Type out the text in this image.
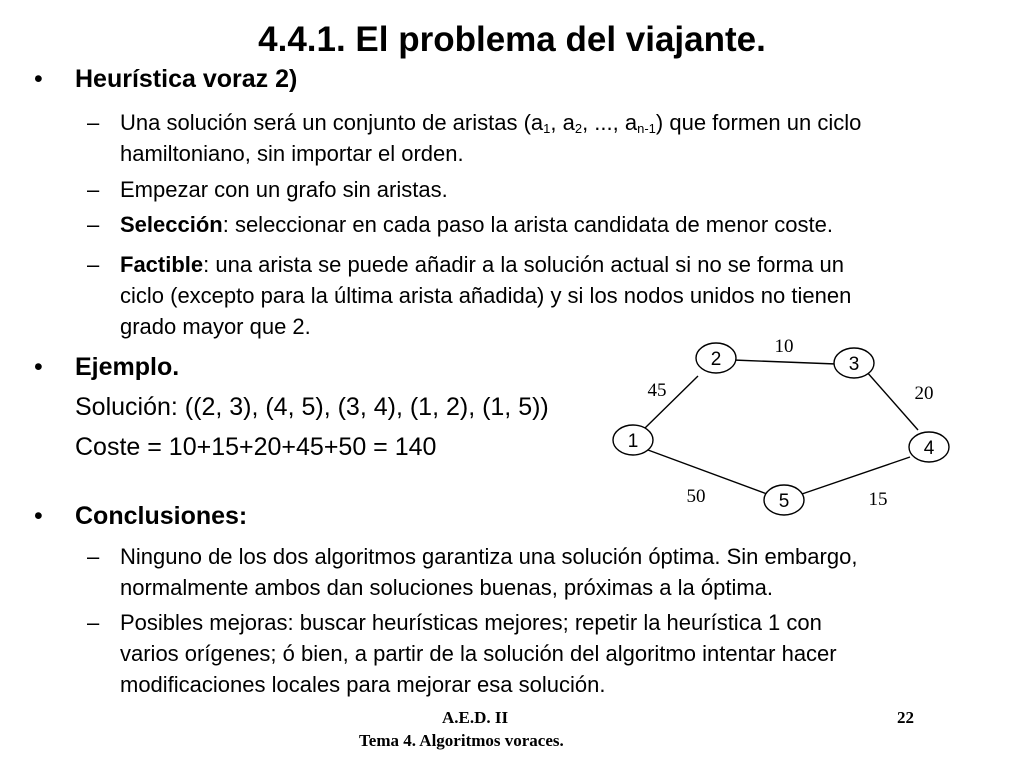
4.4.1. El problema del viajante.
• Heurística voraz 2)
– Una solución será un conjunto de aristas ($a_1$, $a_2$, ..., $a_{n-1}$) que formen un ciclo
hamiltoniano, sin importar el orden.
– Empezar con un grafo sin aristas.
– Selección: seleccionar en cada paso la arista candidata de menor coste.
– Factible: una arista se puede añadir a la solución actual si no se forma un
ciclo (excepto para la última arista añadida) y si los nodos unidos no tienen
grado mayor que 2.
• Ejemplo.
Solución: ((2, 3), (4, 5), (3, 4), (1, 2), (1, 5))
Coste = 10+15+20+45+50 = 140
2	3
1	4
5
10
45	20
50	15
• Conclusiones:
– Ninguno de los dos algoritmos garantiza una solución óptima. Sin embargo,
normalmente ambos dan soluciones buenas, próximas a la óptima.
– Posibles mejoras: buscar heurísticas mejores; repetir la heurística 1 con
varios orígenes; ó bien, a partir de la solución del algoritmo intentar hacer
modificaciones locales para mejorar esa solución.
A.E.D. II
Tema 4. Algoritmos voraces.
22
